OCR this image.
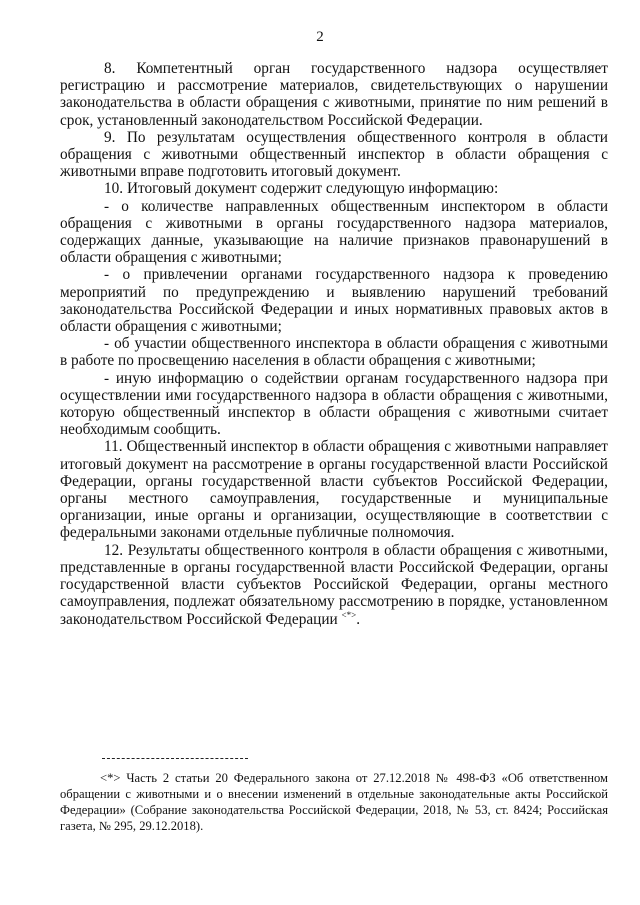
2

8. Компетентный орган государственного надзора осуществляет регистрацию и рассмотрение материалов, свидетельствующих о нарушении законодательства в области обращения с животными, принятие по ним решений в срок, установленный законодательством Российской Федерации.

9. По результатам осуществления общественного контроля в области обращения с животными общественный инспектор в области обращения с животными вправе подготовить итоговый документ.

10. Итоговый документ содержит следующую информацию:

- о количестве направленных общественным инспектором в области обращения с животными в органы государственного надзора материалов, содержащих данные, указывающие на наличие признаков правонарушений в области обращения с животными;

- о привлечении органами государственного надзора к проведению мероприятий по предупреждению и выявлению нарушений требований законодательства Российской Федерации и иных нормативных правовых актов в области обращения с животными;

- об участии общественного инспектора в области обращения с животными в работе по просвещению населения в области обращения с животными;

- иную информацию о содействии органам государственного надзора при осуществлении ими государственного надзора в области обращения с животными, которую общественный инспектор в области обращения с животными считает необходимым сообщить.

11. Общественный инспектор в области обращения с животными направляет итоговый документ на рассмотрение в органы государственной власти Российской Федерации, органы государственной власти субъектов Российской Федерации, органы местного самоуправления, государственные и муниципальные организации, иные органы и организации, осуществляющие в соответствии с федеральными законами отдельные публичные полномочия.

12. Результаты общественного контроля в области обращения с животными, представленные в органы государственной власти Российской Федерации, органы государственной власти субъектов Российской Федерации, органы местного самоуправления, подлежат обязательному рассмотрению в порядке, установленном законодательством Российской Федерации <*>.

<*> Часть 2 статьи 20 Федерального закона от 27.12.2018 № 498-ФЗ «Об ответственном обращении с животными и о внесении изменений в отдельные законодательные акты Российской Федерации» (Собрание законодательства Российской Федерации, 2018, № 53, ст. 8424; Российская газета, № 295, 29.12.2018).
